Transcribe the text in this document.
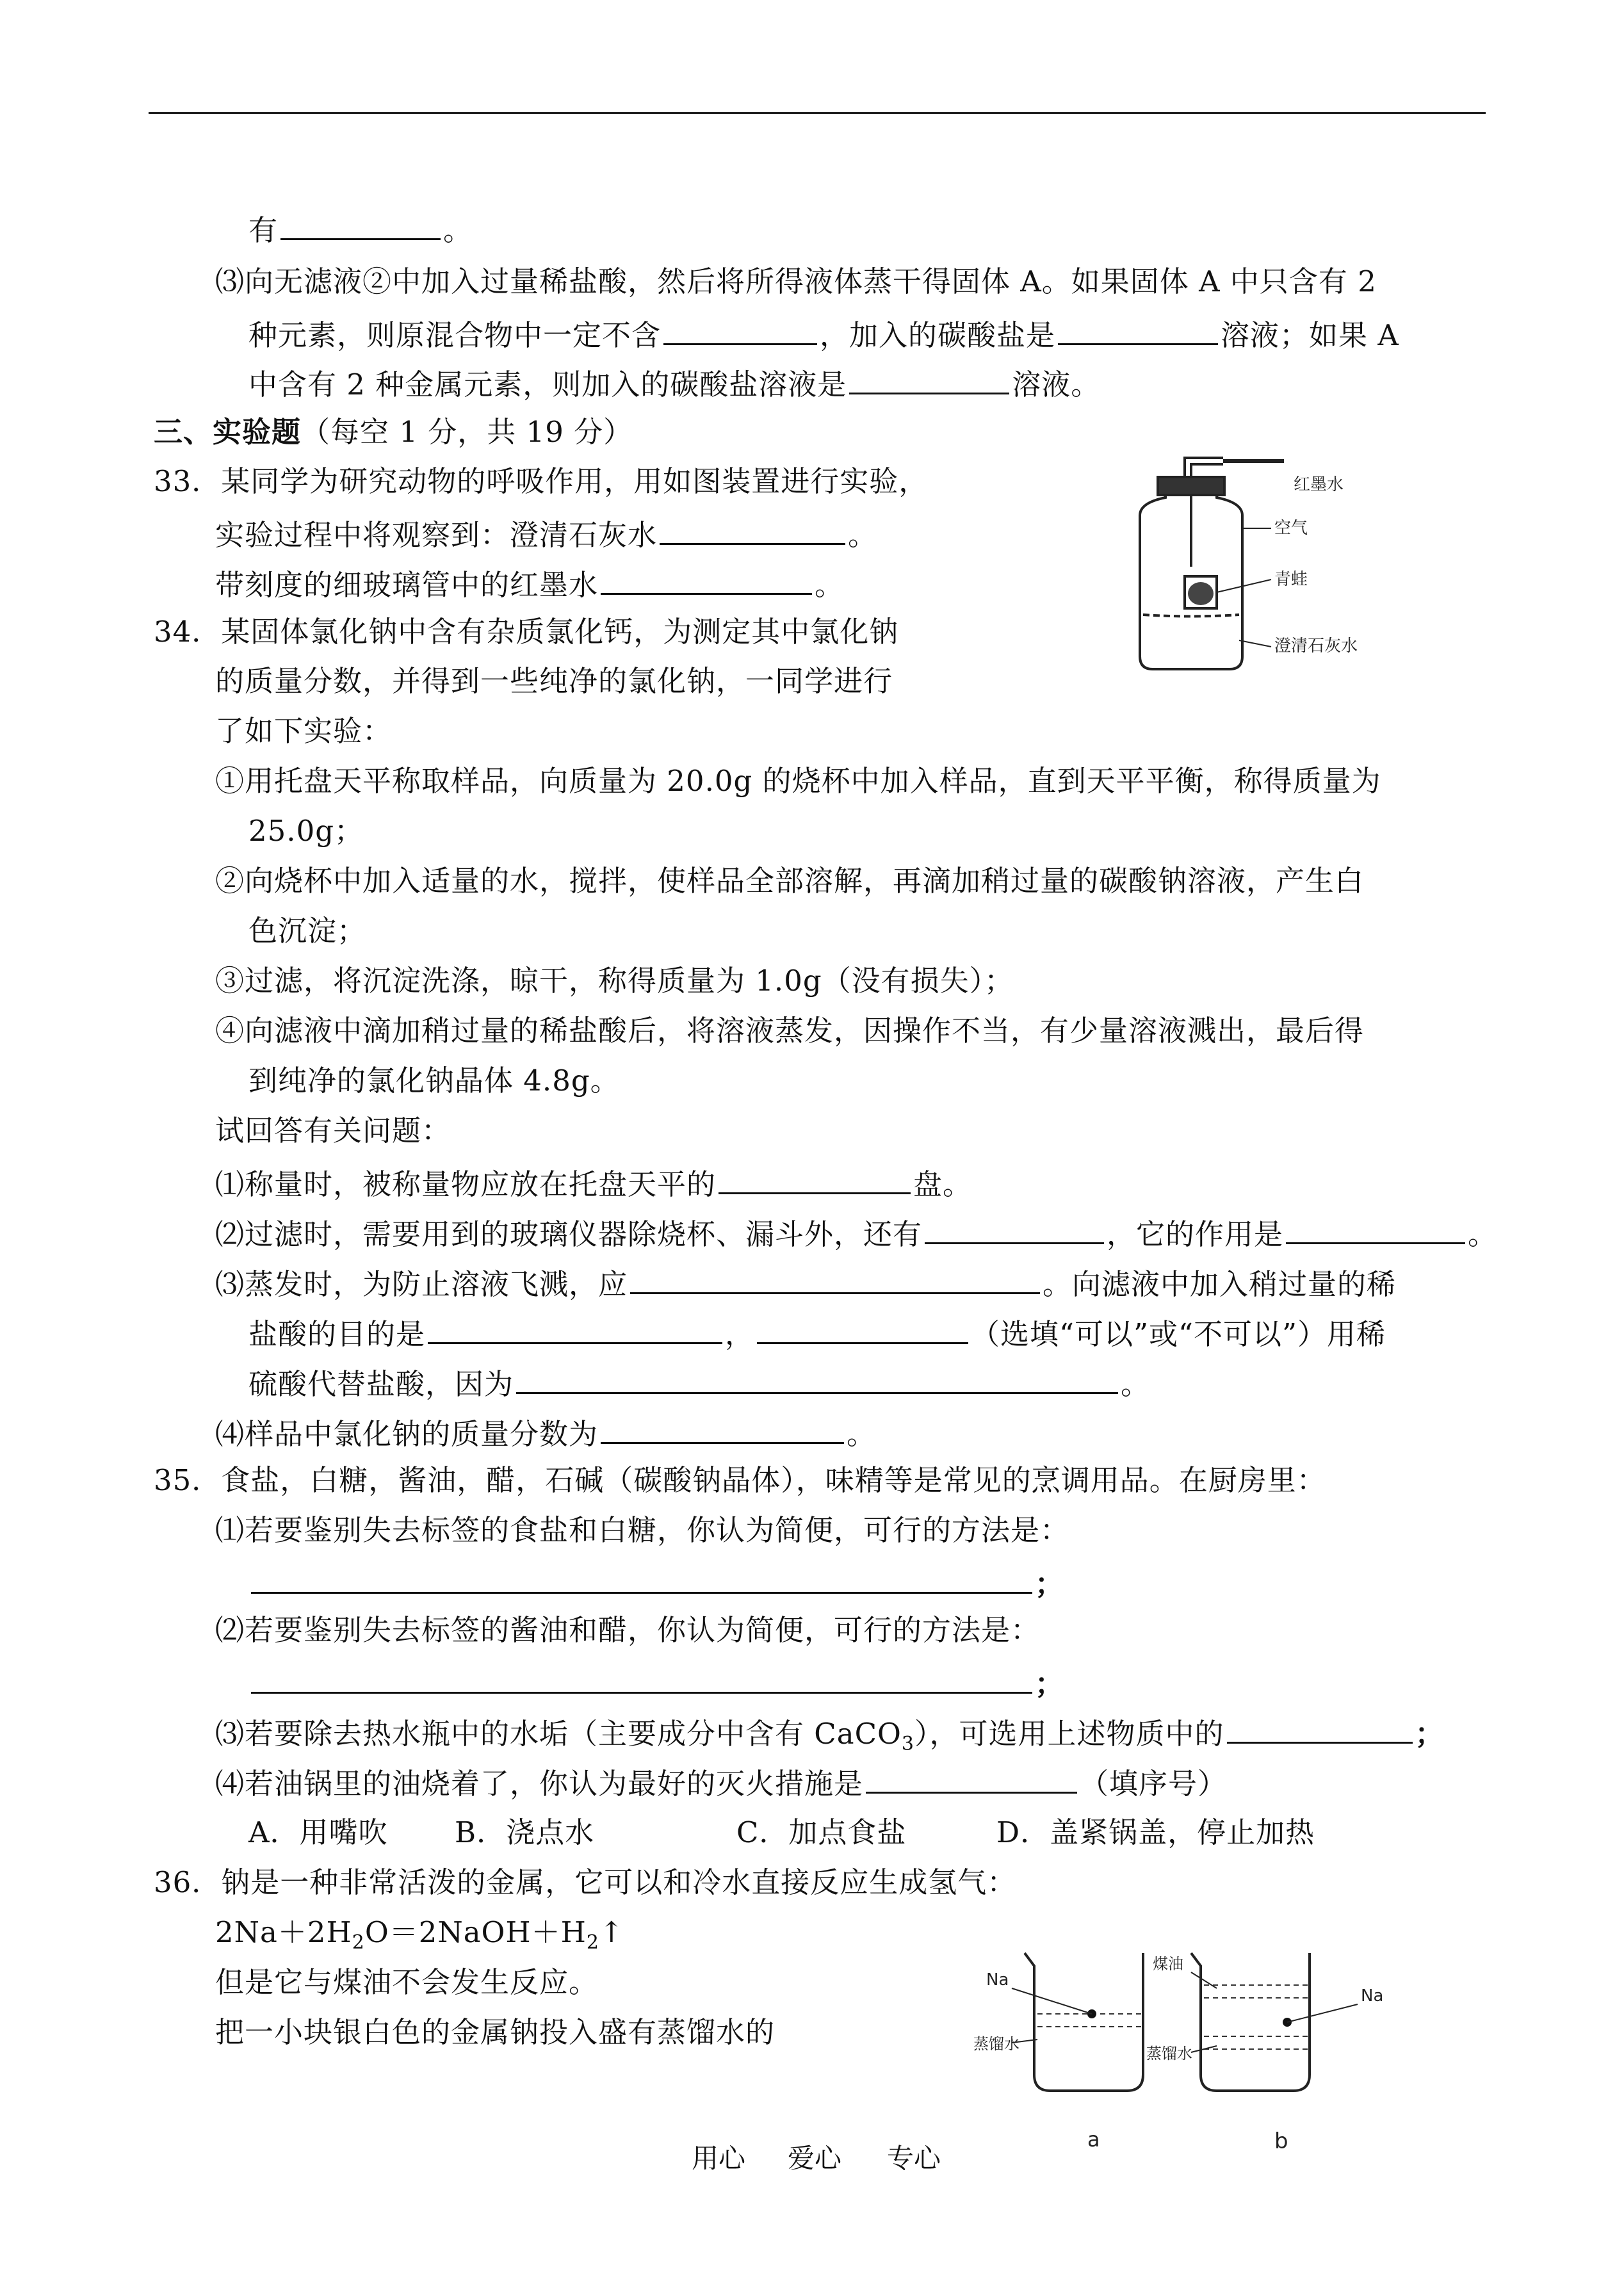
有	。
⑶向无滤液②中加入过量稀盐酸，然后将所得液体蒸干得固体 A。如果固体 A 中只含有 2
种元素，则原混合物中一定不含	，加入的碳酸盐是	溶液；如果 A
中含有 2 种金属元素，则加入的碳酸盐溶液是	溶液。
三、实验题（每空 1 分，共 19 分）
33．某同学为研究动物的呼吸作用，用如图装置进行实验，
实验过程中将观察到：澄清石灰水	。
带刻度的细玻璃管中的红墨水	。
红墨水
空气
青蛙
澄清石灰水
34．某固体氯化钠中含有杂质氯化钙，为测定其中氯化钠
的质量分数，并得到一些纯净的氯化钠，一同学进行
了如下实验：
①用托盘天平称取样品，向质量为 20.0g 的烧杯中加入样品，直到天平平衡，称得质量为
25.0g；
②向烧杯中加入适量的水，搅拌，使样品全部溶解，再滴加稍过量的碳酸钠溶液，产生白
色沉淀；
③过滤，将沉淀洗涤，晾干，称得质量为 1.0g（没有损失）；
④向滤液中滴加稍过量的稀盐酸后，将溶液蒸发，因操作不当，有少量溶液溅出，最后得
到纯净的氯化钠晶体 4.8g。
试回答有关问题：
⑴称量时，被称量物应放在托盘天平的	盘。
⑵过滤时，需要用到的玻璃仪器除烧杯、漏斗外，还有	，它的作用是	。
⑶蒸发时，为防止溶液飞溅，应	。向滤液中加入稍过量的稀
盐酸的目的是	，	（选填“可以”或“不可以”）用稀
硫酸代替盐酸，因为	。
⑷样品中氯化钠的质量分数为	。
35．食盐，白糖，酱油，醋，石碱（碳酸钠晶体），味精等是常见的烹调用品。在厨房里：
⑴若要鉴别失去标签的食盐和白糖，你认为简便，可行的方法是：
；
⑵若要鉴别失去标签的酱油和醋，你认为简便，可行的方法是：
；
⑶若要除去热水瓶中的水垢（主要成分中含有 CaCO$_3$），可选用上述物质中的	；
⑷若油锅里的油烧着了，你认为最好的灭火措施是	（填序号）
A．用嘴吹 B．浇点水	C．加点食盐	D．盖紧锅盖，停止加热
36．钠是一种非常活泼的金属，它可以和冷水直接反应生成氢气：
$2Na+2H_2O=2NaOH+H_2↑$
但是它与煤油不会发生反应。
把一小块银白色的金属钠投入盛有蒸馏水的
Na
蒸馏水
煤油
Na
蒸馏水
a	b
用心 爱心 专心
